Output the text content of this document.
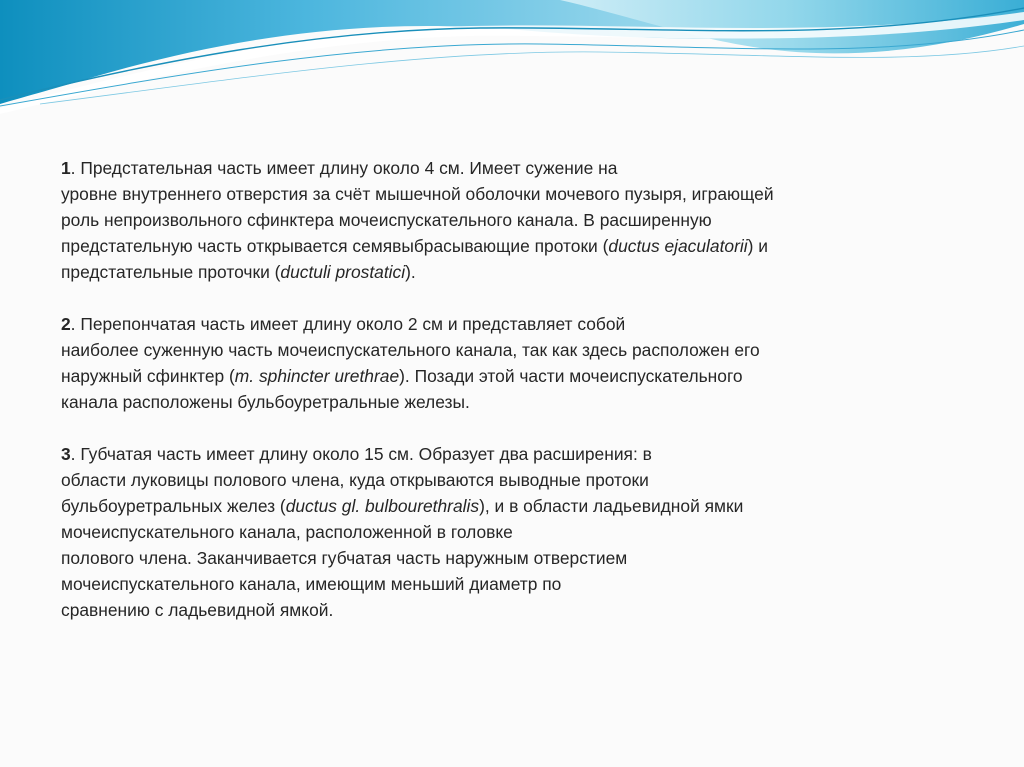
1. Предстательная часть имеет длину около 4 см. Имеет сужение на
уровне внутреннего отверстия за счёт мышечной оболочки мочевого пузыря, играющей
роль непроизвольного сфинктера мочеиспускательного канала. В расширенную
предстательную часть открывается семявыбрасывающие протоки (ductus ejaculatorii) и
предстательные проточки (ductuli prostatici).
2. Перепончатая часть имеет длину около 2 см и представляет собой
наиболее суженную часть мочеиспускательного канала, так как здесь расположен его
наружный сфинктер (m. sphincter urethrae). Позади этой части мочеиспускательного
канала расположены бульбоуретральные железы.
3. Губчатая часть имеет длину около 15 см. Образует два расширения: в
области луковицы полового члена, куда открываются выводные протоки
бульбоуретральных желез (ductus gl. bulbourethralis), и в области ладьевидной ямки
мочеиспускательного канала, расположенной в головке
полового члена. Заканчивается губчатая часть наружным отверстием
мочеиспускательного канала, имеющим меньший диаметр по
сравнению с ладьевидной ямкой.
